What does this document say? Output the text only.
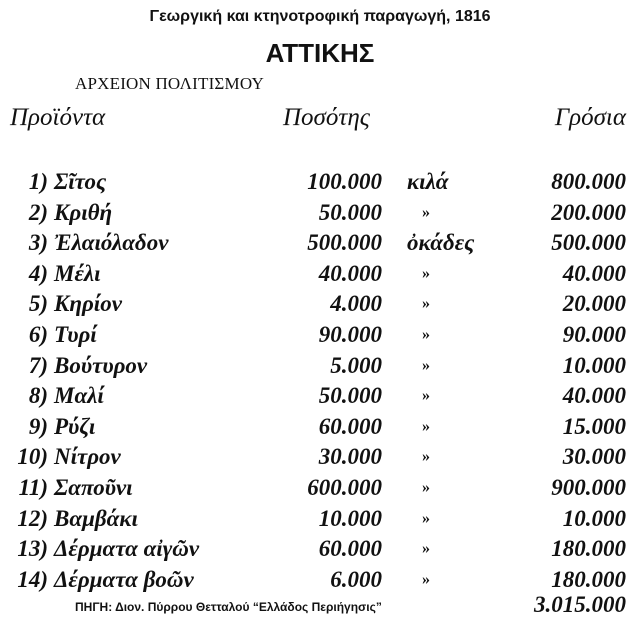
Γεωργική και κτηνοτροφική παραγωγή, 1816
ΑΤΤΙΚΗΣ
ΑΡΧΕΙΟΝ ΠΟΛΙΤΙΣΜΟΥ
Προϊόντα	Ποσότης	Γρόσια
1) Σῖτος	100.000 κιλά	800.000
2) Κριθή	50.000	»	200.000
3) Ἐλαιόλαδον	500.000 ὀκάδες	500.000
4) Μέλι	40.000	»	40.000
5) Κηρίον	4.000	»	20.000
6) Τυρί	90.000	»	90.000
7) Βούτυρον	5.000	»	10.000
8) Μαλί	50.000	»	40.000
9) Ρύζι	60.000	»	15.000
10) Νίτρον	30.000	»	30.000
11) Σαποῦνι	600.000	»	900.000
12) Βαμβάκι	10.000	»	10.000
13) Δέρματα αἰγῶν	60.000	»	180.000
14) Δέρματα βοῶν	6.000	»	180.000
ΠΗΓΗ: Διον. Πύρρου Θετταλού “Ελλάδος Περιήγησις”	3.015.000
